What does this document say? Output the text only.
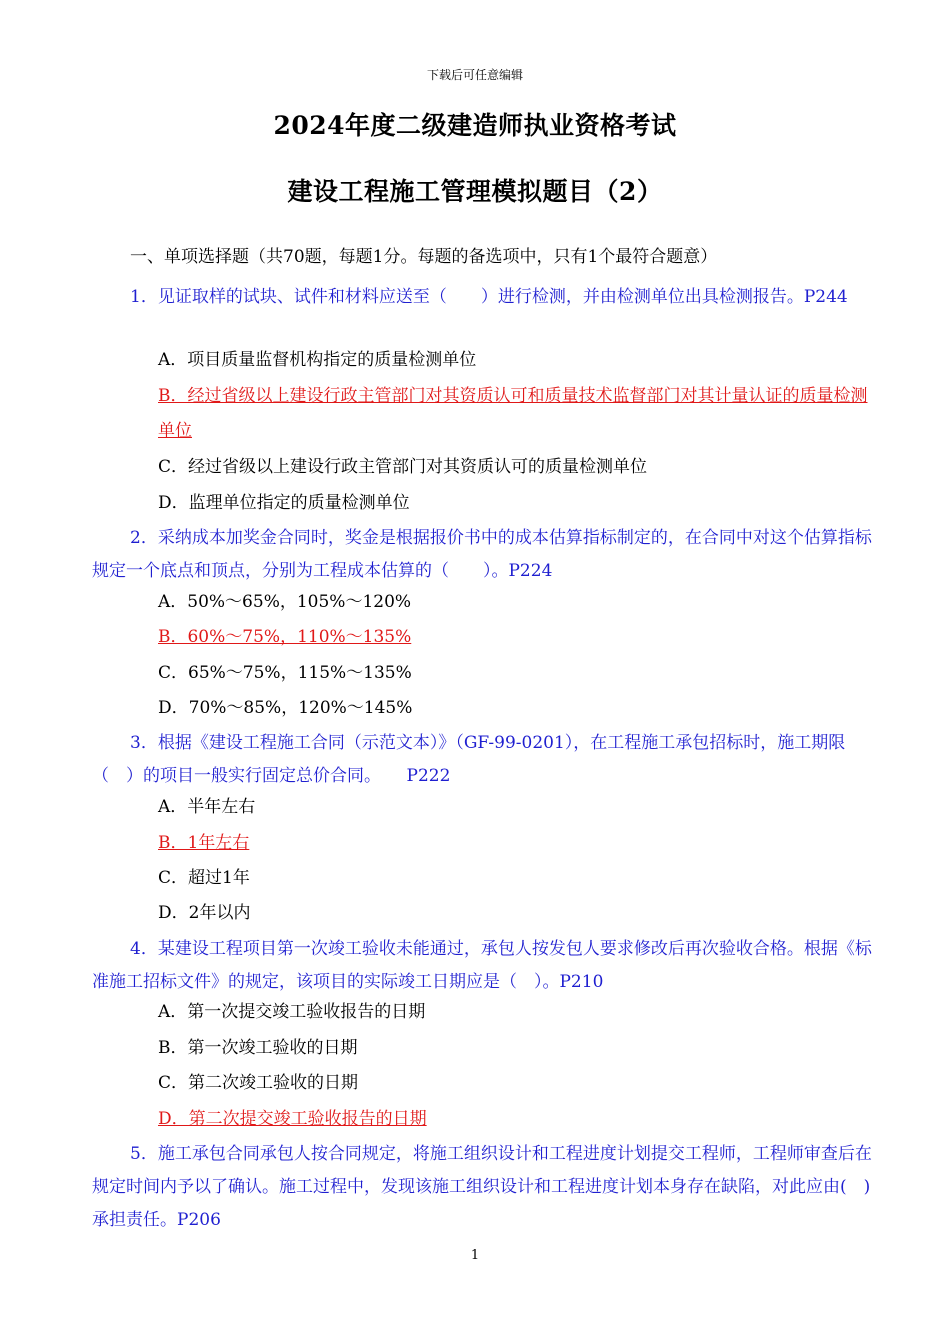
下载后可任意编辑
2024年度二级建造师执业资格考试
建设工程施工管理模拟题目（2）
一、单项选择题（共70题，每题1分。每题的备选项中，只有1个最符合题意）
1．见证取样的试块、试件和材料应送至（　　）进行检测，并由检测单位出具检测报告。P244
A．项目质量监督机构指定的质量检测单位
B．经过省级以上建设行政主管部门对其资质认可和质量技术监督部门对其计量认证的质量检测单位
C．经过省级以上建设行政主管部门对其资质认可的质量检测单位
D．监理单位指定的质量检测单位
2．采纳成本加奖金合同时，奖金是根据报价书中的成本估算指标制定的，在合同中对这个估算指标规定一个底点和顶点，分别为工程成本估算的（　　）。P224
A．50%～65%，105%～120%
B．60%～75%，110%～135%
C．65%～75%，115%～135%
D．70%～85%，120%～145%
3．根据《建设工程施工合同（示范文本）》（GF-99-0201），在工程施工承包招标时，施工期限（　）的项目一般实行固定总价合同。　　P222
A．半年左右
B．1年左右
C．超过1年
D．2年以内
4．某建设工程项目第一次竣工验收未能通过，承包人按发包人要求修改后再次验收合格。根据《标准施工招标文件》的规定，该项目的实际竣工日期应是（　）。P210
A．第一次提交竣工验收报告的日期
B．第一次竣工验收的日期
C．第二次竣工验收的日期
D．第二次提交竣工验收报告的日期
5．施工承包合同承包人按合同规定，将施工组织设计和工程进度计划提交工程师，工程师审查后在规定时间内予以了确认。施工过程中，发现该施工组织设计和工程进度计划本身存在缺陷，对此应由(　)承担责任。P206
1
